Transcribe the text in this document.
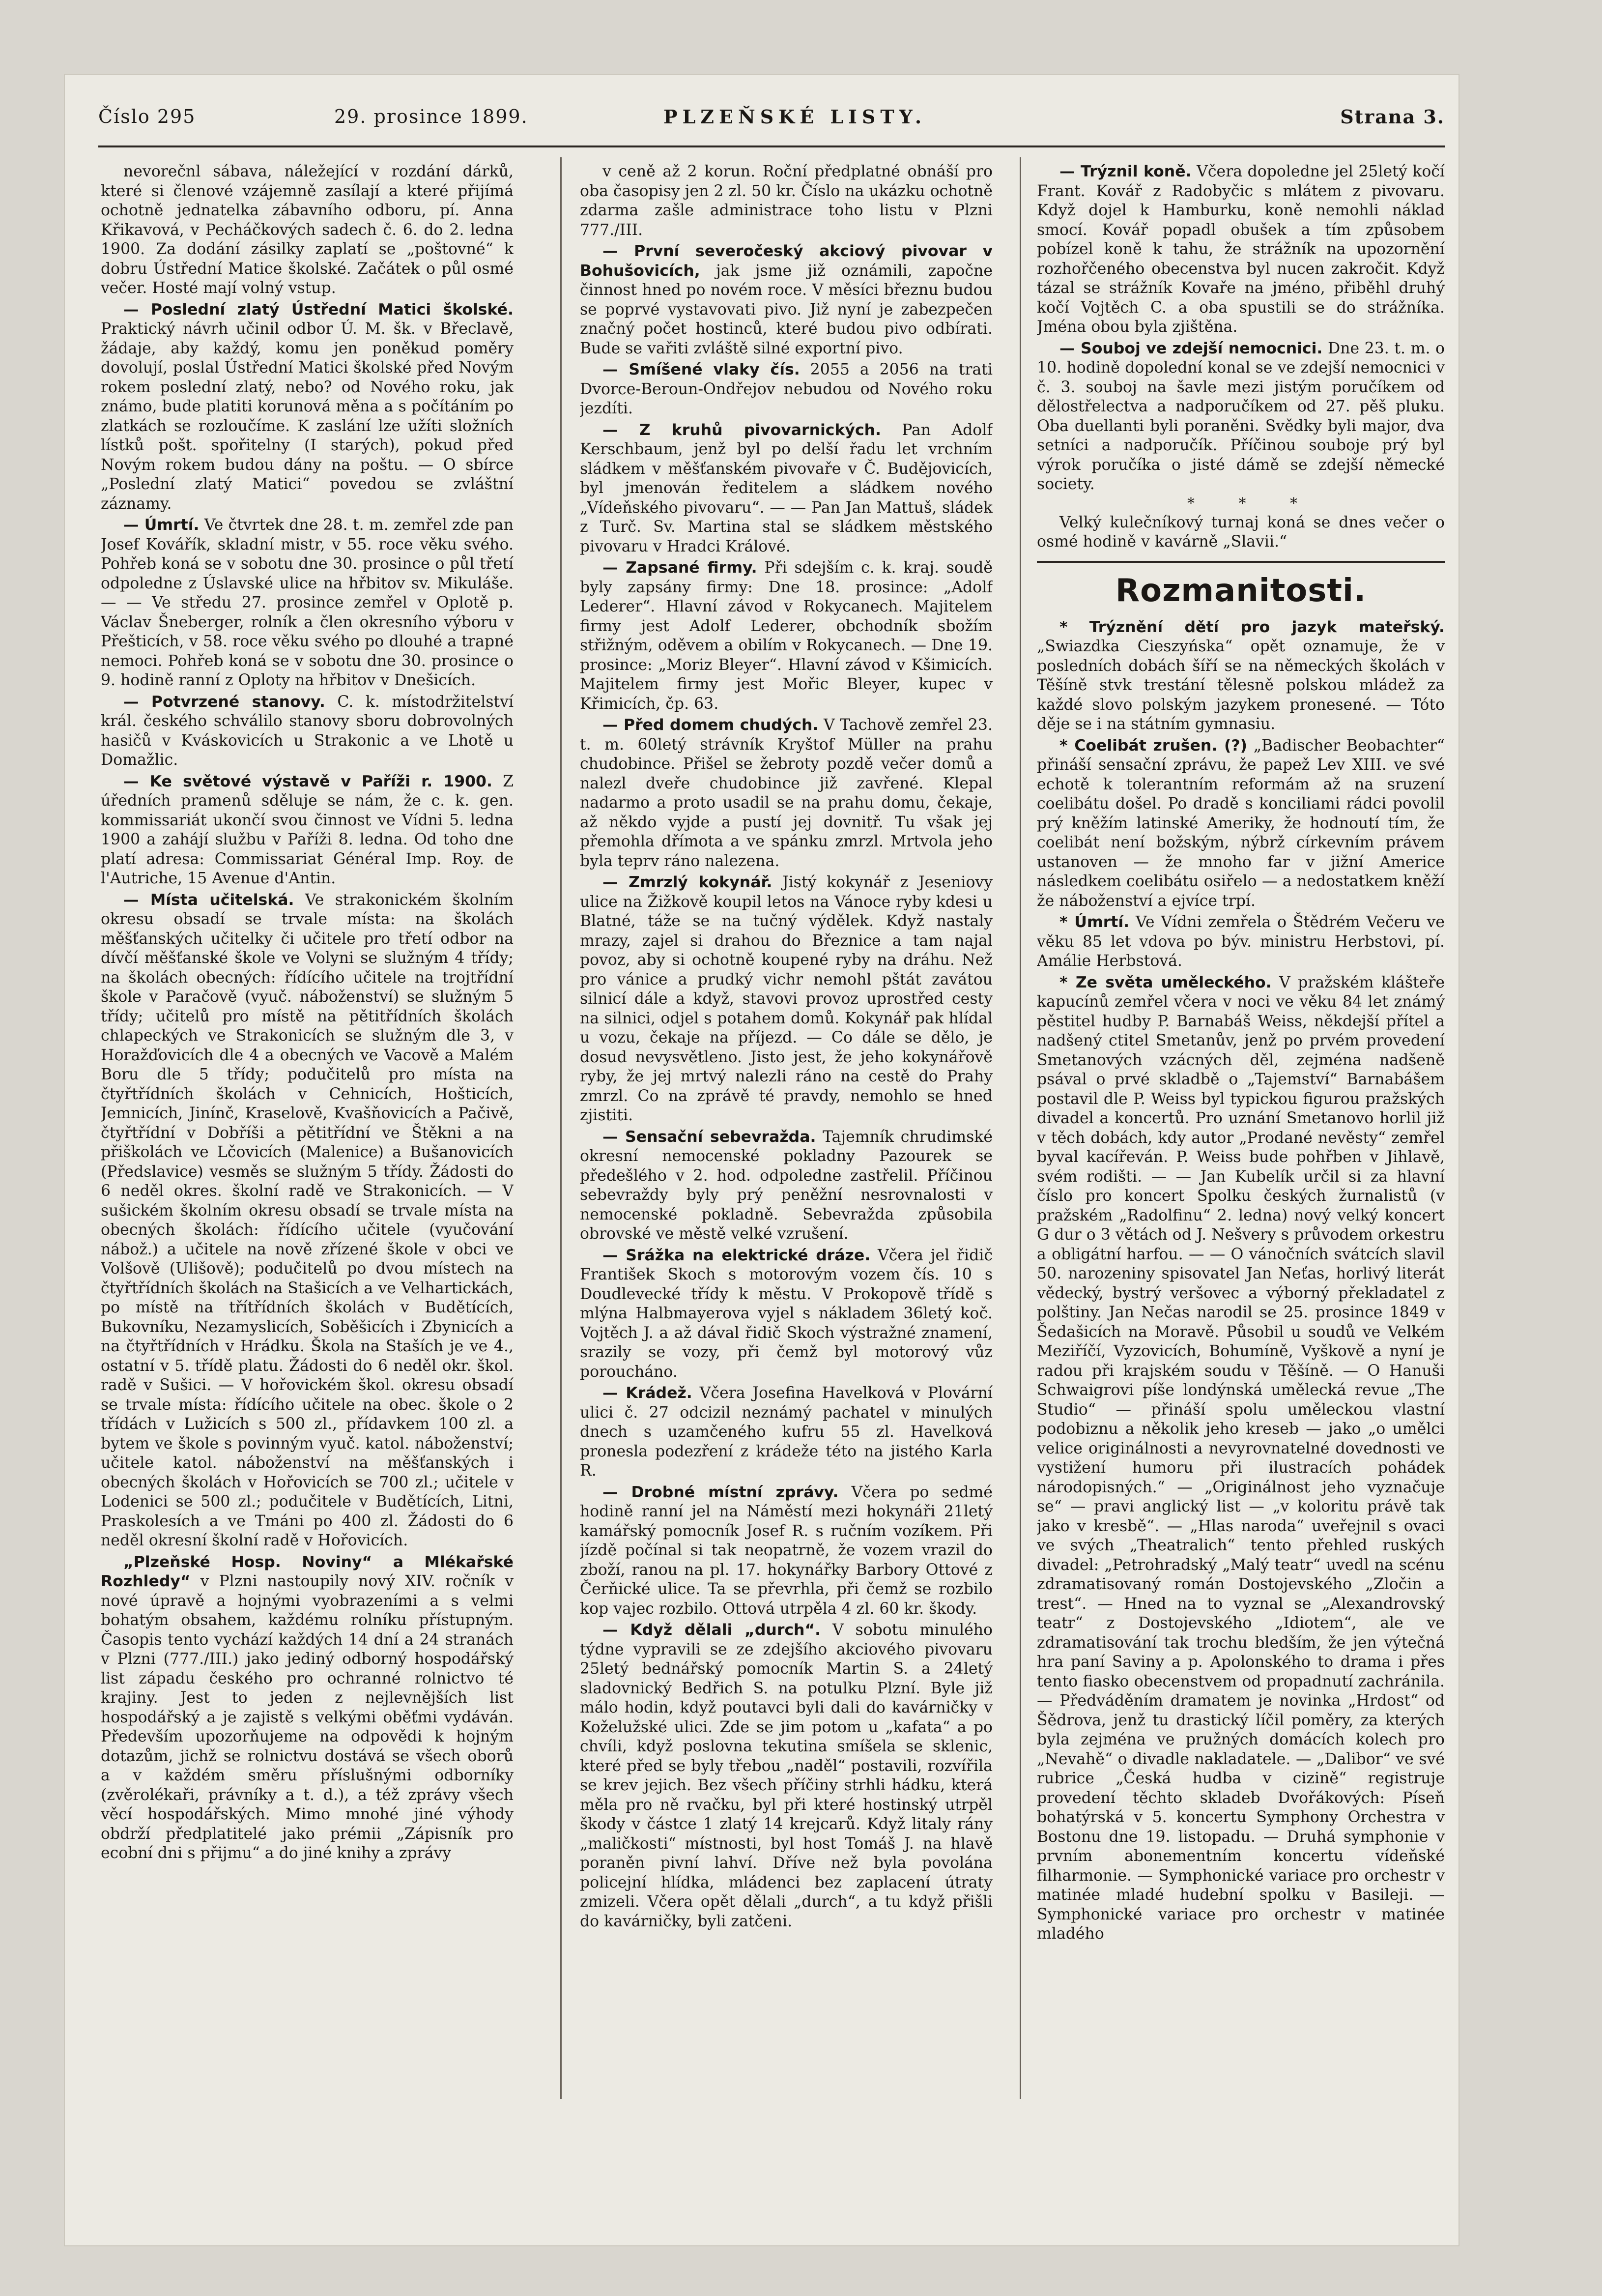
Číslo 295	29. prosince 1899.	PLZEŇSKÉ LISTY.	Strana 3.

nevorečnl sábava, náležející v rozdání dárků, které si členové vzájemně zasílají a které přijímá ochotně jednatelka zábavního odboru, pí. Anna Křikavová, v Pecháčkových sadech č. 6. do 2. ledna 1900. Za dodání zásilky zaplatí se „poštovné“ k dobru Ústřední Matice školské. Začátek o půl osmé večer. Hosté mají volný vstup.

— Poslední zlatý Ústřední Matici školské. Praktický návrh učinil odbor Ú. M. šk. v Břeclavě, žádaje, aby každý, komu jen poněkud poměry dovolují, poslal Ústřední Matici školské před Novým rokem poslední zlatý, nebo? od Nového roku, jak známo, bude platiti korunová měna a s počítáním po zlatkách se rozloučíme. K zaslání lze užíti složních lístků pošt. spořitelny (I starých), pokud před Novým rokem budou dány na poštu. — O sbírce „Poslední zlatý Matici“ povedou se zvláštní záznamy.

— Úmrtí. Ve čtvrtek dne 28. t. m. zemřel zde pan Josef Kovářík, skladní mistr, v 55. roce věku svého. Pohřeb koná se v sobotu dne 30. prosince o půl třetí odpoledne z Úslavské ulice na hřbitov sv. Mikuláše. — — Ve středu 27. prosince zemřel v Oplotě p. Václav Šneberger, rolník a člen okresního výboru v Přešticích, v 58. roce věku svého po dlouhé a trapné nemoci. Pohřeb koná se v sobotu dne 30. prosince o 9. hodině ranní z Oploty na hřbitov v Dnešicích.

— Potvrzené stanovy. C. k. místodržitelství král. českého schválilo stanovy sboru dobrovolných hasičů v Kváskovicích u Strakonic a ve Lhotě u Domažlic.

— Ke světové výstavě v Paříži r. 1900. Z úředních pramenů sděluje se nám, že c. k. gen. kommissariát ukončí svou činnost ve Vídni 5. ledna 1900 a zahájí službu v Paříži 8. ledna. Od toho dne platí adresa: Commissariat Général Imp. Roy. de l'Autriche, 15 Avenue d'Antin.

— Místa učitelská. Ve strakonickém školním okresu obsadí se trvale místa: na školách měšťanských učitelky či učitele pro třetí odbor na dívčí měšťanské škole ve Volyni se služným 4 třídy; na školách obecných: řídícího učitele na trojtřídní škole v Paračově (vyuč. náboženství) se služným 5 třídy; učitelů pro místě na pětitřídních školách chlapeckých ve Strakonicích se služným dle 3, v Horažďovicích dle 4 a obecných ve Vacově a Malém Boru dle 5 třídy; podučitelů pro místa na čtyřtřídních školách v Cehnicích, Hošticích, Jemnicích, Jinínč, Kraselově, Kvašňovicích a Pačivě, čtyřtřídní v Dobříši a pětitřídní ve Štěkni a na přiškolách ve Lčovicích (Malenice) a Bušanovicích (Předslavice) vesměs se služným 5 třídy. Žádosti do 6 neděl okres. školní radě ve Strakonicích. — V sušickém školním okresu obsadí se trvale místa na obecných školách: řídícího učitele (vyučování nábož.) a učitele na nově zřízené škole v obci ve Volšově (Ulišově); podučitelů po dvou místech na čtyřtřídních školách na Stašicích a ve Velhartickách, po místě na třítřídních školách v Budětících, Bukovníku, Nezamyslicích, Soběšicích i Zbynicích a na čtyřtřídních v Hrádku. Škola na Staších je ve 4., ostatní v 5. třídě platu. Žádosti do 6 neděl okr. škol. radě v Sušici. — V hořovickém škol. okresu obsadí se trvale místa: řídícího učitele na obec. škole o 2 třídách v Lužicích s 500 zl., přídavkem 100 zl. a bytem ve škole s povinným vyuč. katol. náboženství; učitele katol. náboženství na měšťanských i obecných školách v Hořovicích se 700 zl.; učitele v Lodenici se 500 zl.; podučitele v Budětících, Litni, Praskolesích a ve Tmáni po 400 zl. Žádosti do 6 neděl okresní školní radě v Hořovicích.

„Plzeňské Hosp. Noviny“ a Mlékařské Rozhledy“ v Plzni nastoupily nový XIV. ročník v nové úpravě a hojnými vyobrazeními a s velmi bohatým obsahem, každému rolníku přístupným. Časopis tento vychází každých 14 dní a 24 stranách v Plzni (777./III.) jako jediný odborný hospodářský list západu českého pro ochranné rolnictvo té krajiny. Jest to jeden z nejlevnějších list hospodářský a je zajistě s velkými oběťmi vydáván. Především upozorňujeme na odpovědi k hojným dotazům, jichž se rolnictvu dostává se všech oborů a v každém směru příslušnými odborníky (zvěrolékaři, právníky a t. d.), a též zprávy všech věcí hospodářských. Mimo mnohé jiné výhody obdrží předplatitelé jako prémii „Zápisník pro ecobní dni s přijmu“ a do jiné knihy a zprávy

v ceně až 2 korun. Roční předplatné obnáší pro oba časopisy jen 2 zl. 50 kr. Číslo na ukázku ochotně zdarma zašle administrace toho listu v Plzni 777./III.

— První severočeský akciový pivovar v Bohušovicích, jak jsme již oznámili, započne činnost hned po novém roce. V měsíci březnu budou se poprvé vystavovati pivo. Již nyní je zabezpečen značný počet hostinců, které budou pivo odbírati. Bude se vařiti zvláště silné exportní pivo.

— Smíšené vlaky čís. 2055 a 2056 na trati Dvorce-Beroun-Ondřejov nebudou od Nového roku jezdíti.

— Z kruhů pivovarnických. Pan Adolf Kerschbaum, jenž byl po delší řadu let vrchním sládkem v měšťanském pivovaře v Č. Budějovicích, byl jmenován ředitelem a sládkem nového „Vídeňského pivovaru“. — — Pan Jan Mattuš, sládek z Turč. Sv. Martina stal se sládkem městského pivovaru v Hradci Králové.

— Zapsané firmy. Při sdejším c. k. kraj. soudě byly zapsány firmy: Dne 18. prosince: „Adolf Lederer“. Hlavní závod v Rokycanech. Majitelem firmy jest Adolf Lederer, obchodník sbožím střižným, oděvem a obilím v Rokycanech. — Dne 19. prosince: „Moriz Bleyer“. Hlavní závod v Kšimicích. Majitelem firmy jest Mořic Bleyer, kupec v Křimicích, čp. 63.

— Před domem chudých. V Tachově zemřel 23. t. m. 60letý strávník Kryštof Müller na prahu chudobince. Přišel se žebroty pozdě večer domů a nalezl dveře chudobince již zavřené. Klepal nadarmo a proto usadil se na prahu domu, čekaje, až někdo vyjde a pustí jej dovnitř. Tu však jej přemohla dřímota a ve spánku zmrzl. Mrtvola jeho byla teprv ráno nalezena.

— Zmrzlý kokynář. Jistý kokynář z Jeseniovy ulice na Žižkově koupil letos na Vánoce ryby kdesi u Blatné, táže se na tučný výdělek. Když nastaly mrazy, zajel si drahou do Březnice a tam najal povoz, aby si ochotně koupené ryby na dráhu. Než pro vánice a prudký vichr nemohl pštát zavátou silnicí dále a když, stavovi provoz uprostřed cesty na silnici, odjel s potahem domů. Kokynář pak hlídal u vozu, čekaje na příjezd. — Co dále se dělo, je dosud nevysvětleno. Jisto jest, že jeho kokynářově ryby, že jej mrtvý nalezli ráno na cestě do Prahy zmrzl. Co na zprávě té pravdy, nemohlo se hned zjistiti.

— Sensační sebevražda. Tajemník chrudimské okresní nemocenské pokladny Pazourek se předešlého v 2. hod. odpoledne zastřelil. Příčinou sebevraždy byly prý peněžní nesrovnalosti v nemocenské pokladně. Sebevražda způsobila obrovské ve městě velké vzrušení.

— Srážka na elektrické dráze. Včera jel řidič František Skoch s motorovým vozem čís. 10 s Doudlevecké třídy k městu. V Prokopově třídě s mlýna Halbmayerova vyjel s nákladem 36letý koč. Vojtěch J. a až dával řidič Skoch výstražné znamení, srazily se vozy, při čemž byl motorový vůz poroucháno.

— Krádež. Včera Josefina Havelková v Plovární ulici č. 27 odcizil neznámý pachatel v minulých dnech s uzamčeného kufru 55 zl. Havelková pronesla podezření z krádeže této na jistého Karla R.

— Drobné místní zprávy. Včera po sedmé hodině ranní jel na Náměstí mezi hokynáři 21letý kamářský pomocník Josef R. s ručním vozíkem. Při jízdě počínal si tak neopatrně, že vozem vrazil do zboží, ranou na pl. 17. hokynářky Barbory Ottové z Čerňické ulice. Ta se převrhla, při čemž se rozbilo kop vajec rozbilo. Ottová utrpěla 4 zl. 60 kr. škody.

— Když dělali „durch“. V sobotu minulého týdne vypravili se ze zdejšího akciového pivovaru 25letý bednářský pomocník Martin S. a 24letý sladovnický Bedřich S. na potulku Plzní. Byle již málo hodin, když poutavci byli dali do kavárničky v Koželužské ulici. Zde se jim potom u „kafata“ a po chvíli, když poslovna tekutina smíšela se sklenic, které před se byly třebou „naděl“ postavili, rozvířila se krev jejich. Bez všech příčiny strhli hádku, která měla pro ně rvačku, byl při které hostinský utrpěl škody v částce 1 zlatý 14 krejcarů. Když litaly rány „maličkosti“ místnosti, byl host Tomáš J. na hlavě poraněn pivní lahví. Dříve než byla povolána policejní hlídka, mládenci bez zaplacení útraty zmizeli. Včera opět dělali „durch“, a tu když přišli do kavárničky, byli zatčeni.

— Trýznil koně. Včera dopoledne jel 25letý kočí Frant. Kovář z Radobyčic s mlátem z pivovaru. Když dojel k Hamburku, koně nemohli náklad smocí. Kovář popadl obušek a tím způsobem pobízel koně k tahu, že strážník na upozornění rozhořčeného obecenstva byl nucen zakročit. Když tázal se strážník Kovaře na jméno, přiběhl druhý kočí Vojtěch C. a oba spustili se do strážníka. Jména obou byla zjištěna.

— Souboj ve zdejší nemocnici. Dne 23. t. m. o 10. hodině dopolední konal se ve zdejší nemocnici v č. 3. souboj na šavle mezi jistým poručíkem od dělostřelectva a nadporučíkem od 27. pěš pluku. Oba duellanti byli poraněni. Svědky byli major, dva setníci a nadporučík. Příčinou souboje prý byl výrok poručíka o jisté dámě se zdejší německé society.

* * *

Velký kulečníkový turnaj koná se dnes večer o osmé hodině v kavárně „Slavii.“

Rozmanitosti.

* Trýznění dětí pro jazyk mateřský. „Swiazdka Cieszyńska“ opět oznamuje, že v posledních dobách šíří se na německých školách v Těšíně stvk trestání tělesně polskou mládež za každé slovo polským jazykem pronesené. — Tóto děje se i na státním gymnasiu.

* Coelibát zrušen. (?) „Badischer Beobachter“ přináší sensační zprávu, že papež Lev XIII. ve své echotě k tolerantním reformám až na sruzení coelibátu došel. Po dradě s konciliami rádci povolil prý kněžím latinské Ameriky, že hodnoutí tím, že coelibát není božským, nýbrž církevním právem ustanoven — že mnoho far v jižní Americe následkem coelibátu osiřelo — a nedostatkem kněží že náboženství a ejvíce trpí.

* Úmrtí. Ve Vídni zemřela o Štědrém Večeru ve věku 85 let vdova po býv. ministru Herbstovi, pí. Amálie Herbstová.

* Ze světa uměleckého. V pražském klášteře kapucínů zemřel včera v noci ve věku 84 let známý pěstitel hudby P. Barnabáš Weiss, někdejší přítel a nadšený ctitel Smetanův, jenž po prvém provedení Smetanových vzácných děl, zejména nadšeně psával o prvé skladbě o „Tajemství“ Barnabášem postavil dle P. Weiss byl typickou figurou pražských divadel a koncertů. Pro uznání Smetanovo horlil již v těch dobách, kdy autor „Prodané nevěsty“ zemřel byval kacířeván. P. Weiss bude pohřben v Jihlavě, svém rodišti. — — Jan Kubelík určil si za hlavní číslo pro koncert Spolku českých žurnalistů (v pražském „Radolfinu“ 2. ledna) nový velký koncert G dur o 3 větách od J. Nešvery s průvodem orkestru a obligátní harfou. — — O vánočních svátcích slavil 50. narozeniny spisovatel Jan Neťas, horlivý literát vědecký, bystrý veršovec a výborný překladatel z polštiny. Jan Nečas narodil se 25. prosince 1849 v Šedašicích na Moravě. Působil u soudů ve Velkém Meziříčí, Vyzovicích, Bohumíně, Vyškově a nyní je radou při krajském soudu v Těšíně. — O Hanuši Schwaigrovi píše londýnská umělecká revue „The Studio“ — přináší spolu uměleckou vlastní podobiznu a několik jeho kreseb — jako „o umělci velice originálnosti a nevyrovnatelné dovednosti ve vystižení humoru při ilustracích pohádek národopisných.“ — „Originálnost jeho vyznačuje se“ — pravi anglický list — „v koloritu právě tak jako v kresbě“. — „Hlas naroda“ uveřejnil s ovaci ve svých „Theatralich“ tento přehled ruských divadel: „Petrohradský „Malý teatr“ uvedl na scénu zdramatisovaný román Dostojevského „Zločin a trest“. — Hned na to vyznal se „Alexandrovský teatr“ z Dostojevského „Idiotem“, ale ve zdramatisování tak trochu bledším, že jen výtečná hra paní Saviny a p. Apolonského to drama i přes tento fiasko obecenstvem od propadnutí zachránila. — Předváděním dramatem je novinka „Hrdost“ od Šědrova, jenž tu drastický líčil poměry, za kterých byla zejména ve pružných domácích kolech pro „Nevahě“ o divadle nakladatele. — „Dalibor“ ve své rubrice „Česká hudba v cizině“ registruje provedení těchto skladeb Dvořákových: Píseň bohatýrská v 5. koncertu Symphony Orchestra v Bostonu dne 19. listopadu. — Druhá symphonie v prvním abonementním koncertu vídeňské filharmonie. — Symphonické variace pro orchestr v matinée mladé hudební spolku v Basileji. — Symphonické variace pro orchestr v matinée mladého
